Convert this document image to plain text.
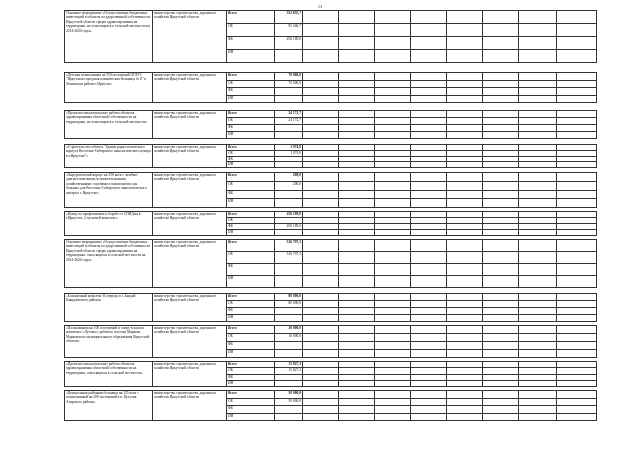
13
Основное мероприятие «Осуществление бюджетных инвестиций в объекты государственной собственности Иркутской области сферы здравоохранения на территориях, не относящихся к сельской местности на 2014-2020 годы»	министерство строительства, дорожного хозяйства Иркутской области	Всего	352 635,7								
		ОБ	95 446,7								
		ФБ	256 189,0								
		ИИ									

«Детская поликлиника на 550 посещений ОГАУЗ "Иркутская городская клиническая больница № 8" в Ленинском районе г.Иркутск»	министерство строительства, дорожного хозяйства Иркутской области	Всего	70 000,0								
		ОБ	70 000,0								
		ФБ									
		ИИ									

«Проектно-изыскательские работы объектов здравоохранения областной собственности на территориях, не относящихся к сельской местности»	министерство строительства, дорожного хозяйства Иркутской области	Всего	24 172,7								
		ОБ	24 172,7								
		ФБ									
		ИИ									

«Строительство объекта "Здание радиологического корпуса Восточно-Сибирского онкологического центра в г.Иркутске"»	министерство строительства, дорожного хозяйства Иркутской области	Всего	1 074,0								
		ОБ	1 074,0								
		ФБ									
		ИИ									

«Хирургический корпус на 350 коек с лечебно-диагностическими, вспомогательными хозяйственными службами и пансионатом для больных для Восточно-Сибирского онкологического центра в г. Иркутске»	министерство строительства, дорожного хозяйства Иркутской области	Всего	200,0								
		ОБ	200,0								
		ФБ									
		ИИ									

«Центр по профилактике и борьбе со СПИДом в г.Иркутске. 2 пусковой комплекс»	министерство строительства, дорожного хозяйства Иркутской области	Всего	256 189,0								
		ОБ									
		ФБ	256 189,0								
		ИИ									

Основное мероприятие «Осуществление бюджетных инвестиций в объекты государственной собственности Иркутской области сферы здравоохранения на территориях, относящихся к сельской местности на 2014-2020 годы»	министерство строительства, дорожного хозяйства Иркутской области	Всего	316 797,3								
		ОБ	316 797,3								
		ФБ									
		ИИ									

«Больничный комплекс II очередь в г. Бандай Баяндаевского района»	министерство строительства, дорожного хозяйства Иркутской области	Всего	80 000,0								
		ОБ	80 000,0								
		ФБ									
		ИИ									

«Поликлиника на 100 посещений в смену в жилом комплексе «Луговое» рабочего поселка Маркова Марковского муниципального образования Иркутской области»	министерство строительства, дорожного хозяйства Иркутской области	Всего	10 000,0								
		ОБ	10 000,0								
		ФБ									
		ИИ									

«Проектно-изыскательские работы объектов здравоохранения областной собственности на территориях, относящихся к сельской местности»	министерство строительства, дорожного хозяйства Иркутской области	Всего	15 827,3								
		ОБ	15 827,3								
		ФБ									
		ИИ									

«Центральная районная больница на 155 коек с поликлиникой на 200 посещений в п. Кутулик Аларского района»	министерство строительства, дорожного хозяйства Иркутской области	Всего	50 000,0								
		ОБ	50 000,0								
		ФБ									
		ИИ									
